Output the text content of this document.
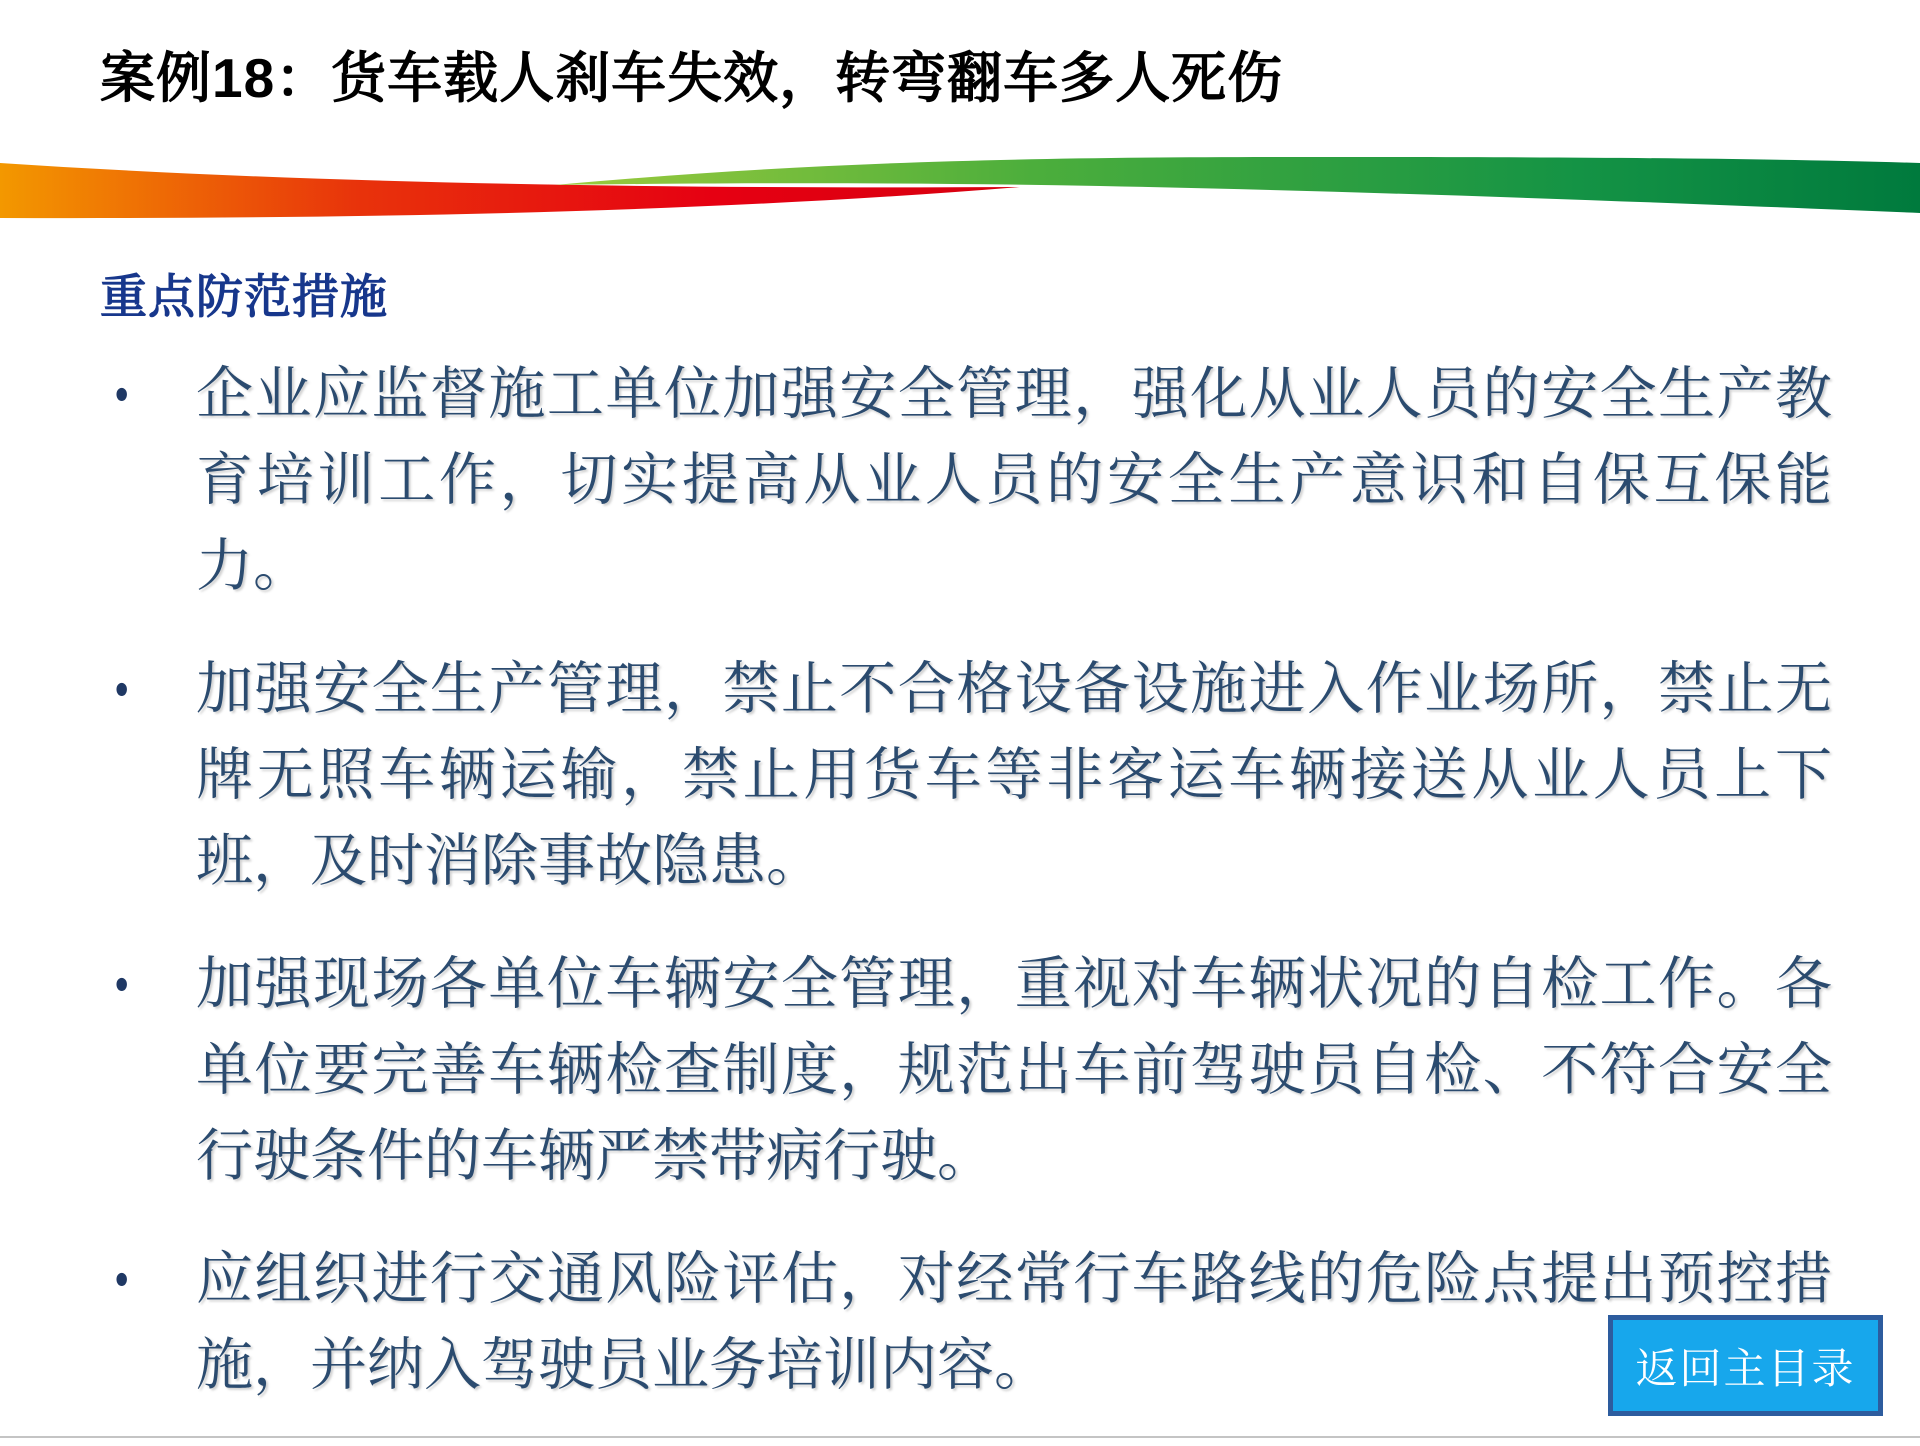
案例18：货车载人刹车失效，转弯翻车多人死伤
重点防范措施
•	企业应监督施工单位加强安全管理，强化从业人员的安全生产教育培训工作，切实提高从业人员的安全生产意识和自保互保能力。
•	加强安全生产管理，禁止不合格设备设施进入作业场所，禁止无牌无照车辆运输，禁止用货车等非客运车辆接送从业人员上下班，及时消除事故隐患。
•	加强现场各单位车辆安全管理，重视对车辆状况的自检工作。各单位要完善车辆检查制度，规范出车前驾驶员自检、不符合安全行驶条件的车辆严禁带病行驶。
•	应组织进行交通风险评估，对经常行车路线的危险点提出预控措施，并纳入驾驶员业务培训内容。	返回主目录
